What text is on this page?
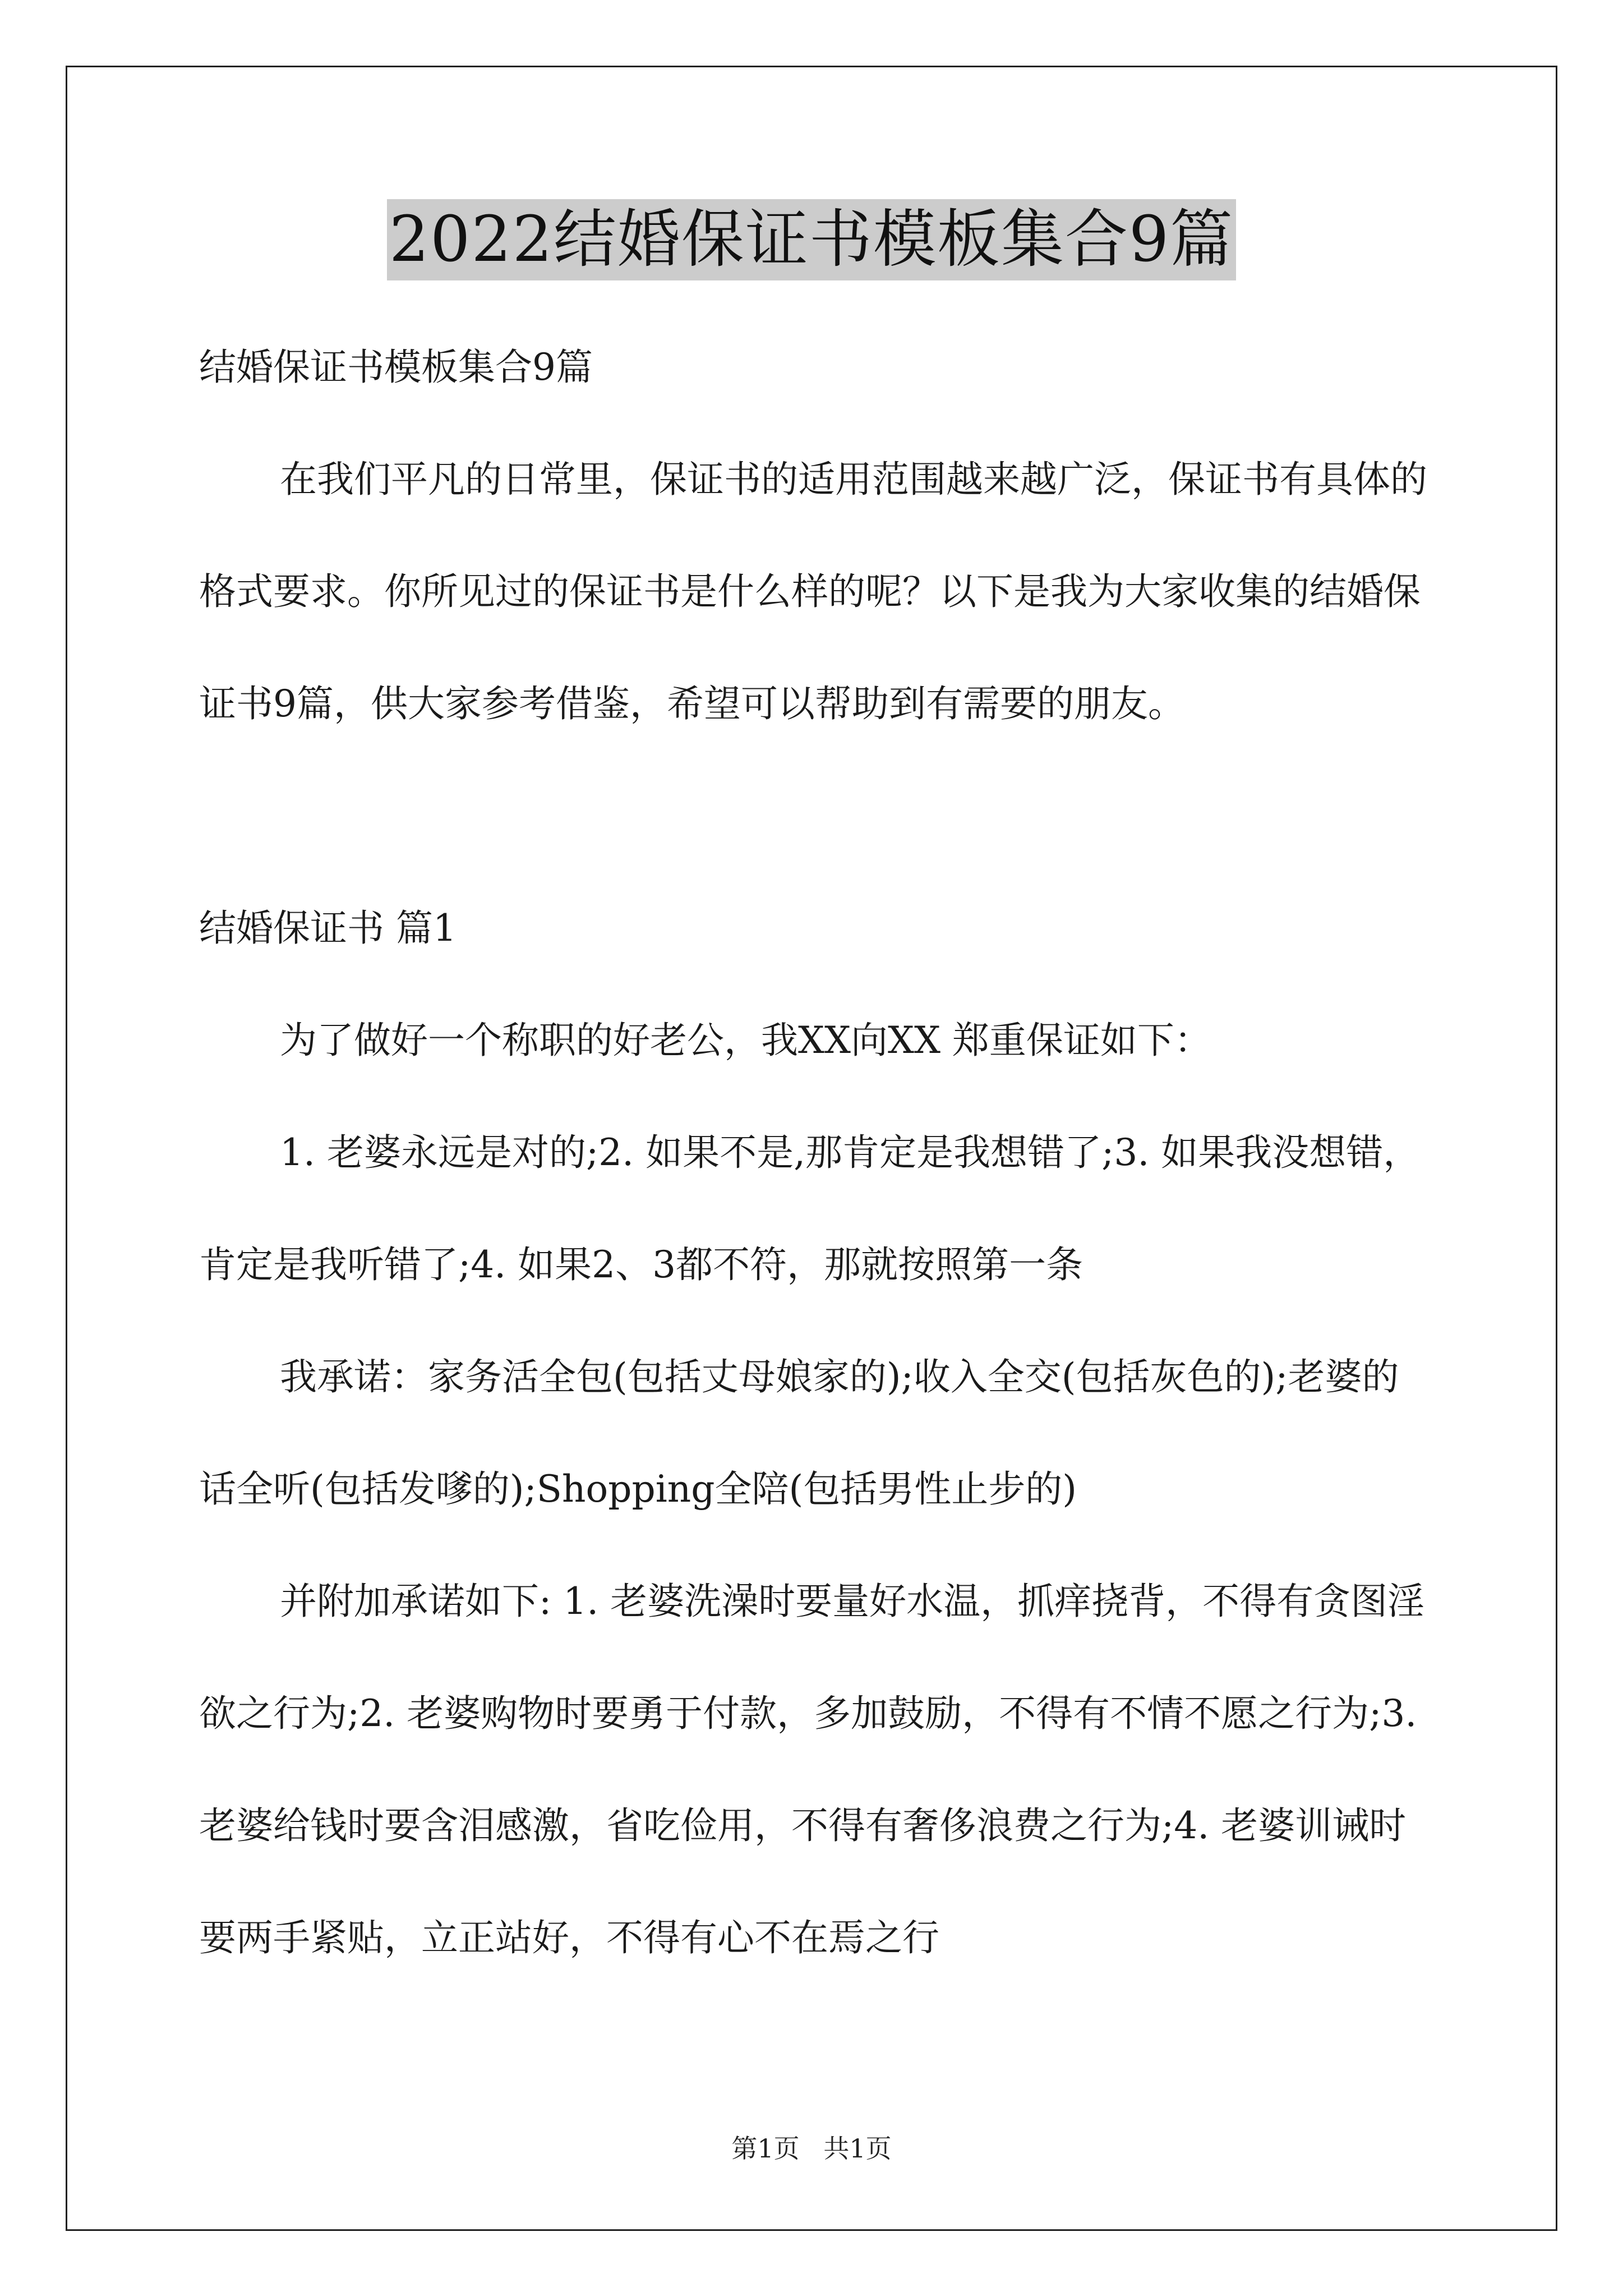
2022结婚保证书模板集合9篇

结婚保证书模板集合9篇

在我们平凡的日常里，保证书的适用范围越来越广泛，保证书有具体的格式要求。你所见过的保证书是什么样的呢？以下是我为大家收集的结婚保证书9篇，供大家参考借鉴，希望可以帮助到有需要的朋友。

结婚保证书 篇1

为了做好一个称职的好老公，我XX向XX 郑重保证如下：

1. 老婆永远是对的;2. 如果不是,那肯定是我想错了;3. 如果我没想错，肯定是我听错了;4. 如果2、3都不符，那就按照第一条

我承诺：家务活全包(包括丈母娘家的);收入全交(包括灰色的);老婆的话全听(包括发嗲的);Shopping全陪(包括男性止步的)

并附加承诺如下: 1. 老婆洗澡时要量好水温，抓痒挠背，不得有贪图淫欲之行为;2. 老婆购物时要勇于付款，多加鼓励，不得有不情不愿之行为;3. 老婆给钱时要含泪感激，省吃俭用，不得有奢侈浪费之行为;4. 老婆训诫时要两手紧贴，立正站好，不得有心不在焉之行

第1页 共1页
